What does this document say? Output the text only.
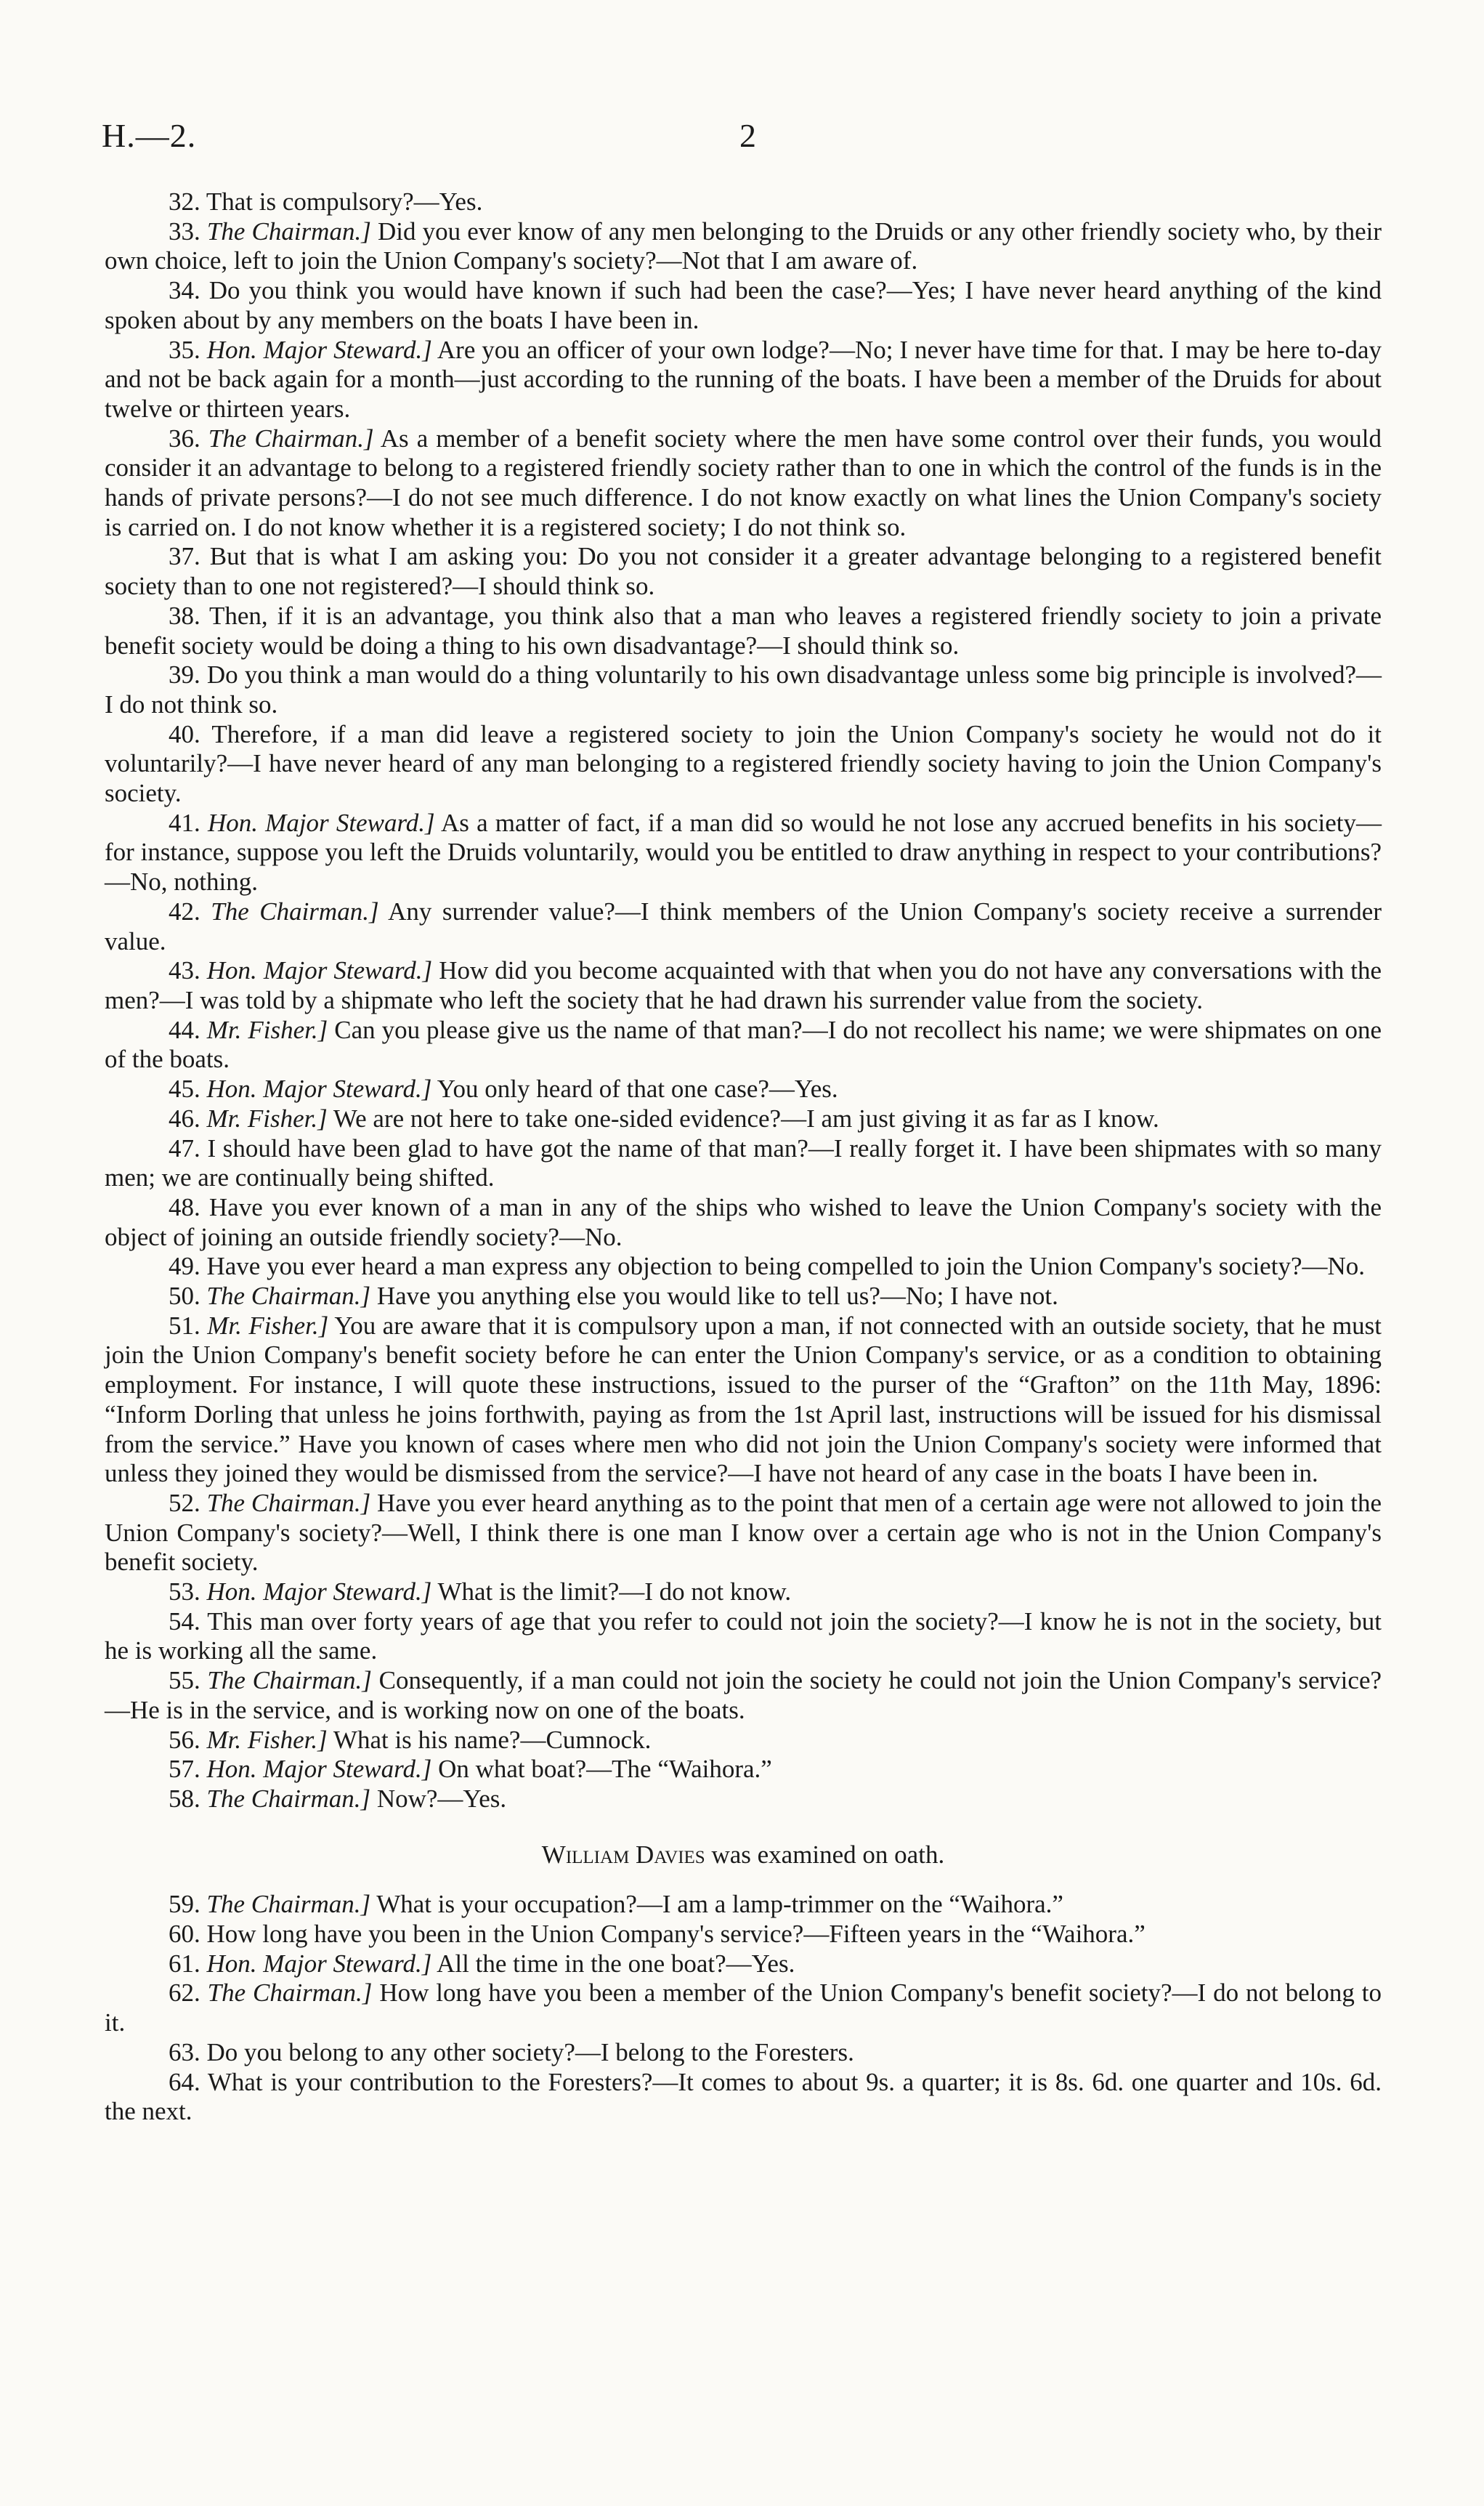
H.—2.	2

32. That is compulsory?—Yes.

33. The Chairman.] Did you ever know of any men belonging to the Druids or any other friendly society who, by their own choice, left to join the Union Company's society?—Not that I am aware of.

34. Do you think you would have known if such had been the case?—Yes; I have never heard anything of the kind spoken about by any members on the boats I have been in.

35. Hon. Major Steward.] Are you an officer of your own lodge?—No; I never have time for that. I may be here to-day and not be back again for a month—just according to the running of the boats. I have been a member of the Druids for about twelve or thirteen years.

36. The Chairman.] As a member of a benefit society where the men have some control over their funds, you would consider it an advantage to belong to a registered friendly society rather than to one in which the control of the funds is in the hands of private persons?—I do not see much difference. I do not know exactly on what lines the Union Company's society is carried on. I do not know whether it is a registered society; I do not think so.

37. But that is what I am asking you: Do you not consider it a greater advantage belonging to a registered benefit society than to one not registered?—I should think so.

38. Then, if it is an advantage, you think also that a man who leaves a registered friendly society to join a private benefit society would be doing a thing to his own disadvantage?—I should think so.

39. Do you think a man would do a thing voluntarily to his own disadvantage unless some big principle is involved?—I do not think so.

40. Therefore, if a man did leave a registered society to join the Union Company's society he would not do it voluntarily?—I have never heard of any man belonging to a registered friendly society having to join the Union Company's society.

41. Hon. Major Steward.] As a matter of fact, if a man did so would he not lose any accrued benefits in his society—for instance, suppose you left the Druids voluntarily, would you be entitled to draw anything in respect to your contributions?—No, nothing.

42. The Chairman.] Any surrender value?—I think members of the Union Company's society receive a surrender value.

43. Hon. Major Steward.] How did you become acquainted with that when you do not have any conversations with the men?—I was told by a shipmate who left the society that he had drawn his surrender value from the society.

44. Mr. Fisher.] Can you please give us the name of that man?—I do not recollect his name; we were shipmates on one of the boats.

45. Hon. Major Steward.] You only heard of that one case?—Yes.

46. Mr. Fisher.] We are not here to take one-sided evidence?—I am just giving it as far as I know.

47. I should have been glad to have got the name of that man?—I really forget it. I have been shipmates with so many men; we are continually being shifted.

48. Have you ever known of a man in any of the ships who wished to leave the Union Company's society with the object of joining an outside friendly society?—No.

49. Have you ever heard a man express any objection to being compelled to join the Union Company's society?—No.

50. The Chairman.] Have you anything else you would like to tell us?—No; I have not.

51. Mr. Fisher.] You are aware that it is compulsory upon a man, if not connected with an outside society, that he must join the Union Company's benefit society before he can enter the Union Company's service, or as a condition to obtaining employment. For instance, I will quote these instructions, issued to the purser of the “Grafton” on the 11th May, 1896: “Inform Dorling that unless he joins forthwith, paying as from the 1st April last, instructions will be issued for his dismissal from the service.” Have you known of cases where men who did not join the Union Company's society were informed that unless they joined they would be dismissed from the service?—I have not heard of any case in the boats I have been in.

52. The Chairman.] Have you ever heard anything as to the point that men of a certain age were not allowed to join the Union Company's society?—Well, I think there is one man I know over a certain age who is not in the Union Company's benefit society.

53. Hon. Major Steward.] What is the limit?—I do not know.

54. This man over forty years of age that you refer to could not join the society?—I know he is not in the society, but he is working all the same.

55. The Chairman.] Consequently, if a man could not join the society he could not join the Union Company's service?—He is in the service, and is working now on one of the boats.

56. Mr. Fisher.] What is his name?—Cumnock.

57. Hon. Major Steward.] On what boat?—The “Waihora.”

58. The Chairman.] Now?—Yes.

William Davies was examined on oath.

59. The Chairman.] What is your occupation?—I am a lamp-trimmer on the “Waihora.”

60. How long have you been in the Union Company's service?—Fifteen years in the “Waihora.”

61. Hon. Major Steward.] All the time in the one boat?—Yes.

62. The Chairman.] How long have you been a member of the Union Company's benefit society?—I do not belong to it.

63. Do you belong to any other society?—I belong to the Foresters.

64. What is your contribution to the Foresters?—It comes to about 9s. a quarter; it is 8s. 6d. one quarter and 10s. 6d. the next.
